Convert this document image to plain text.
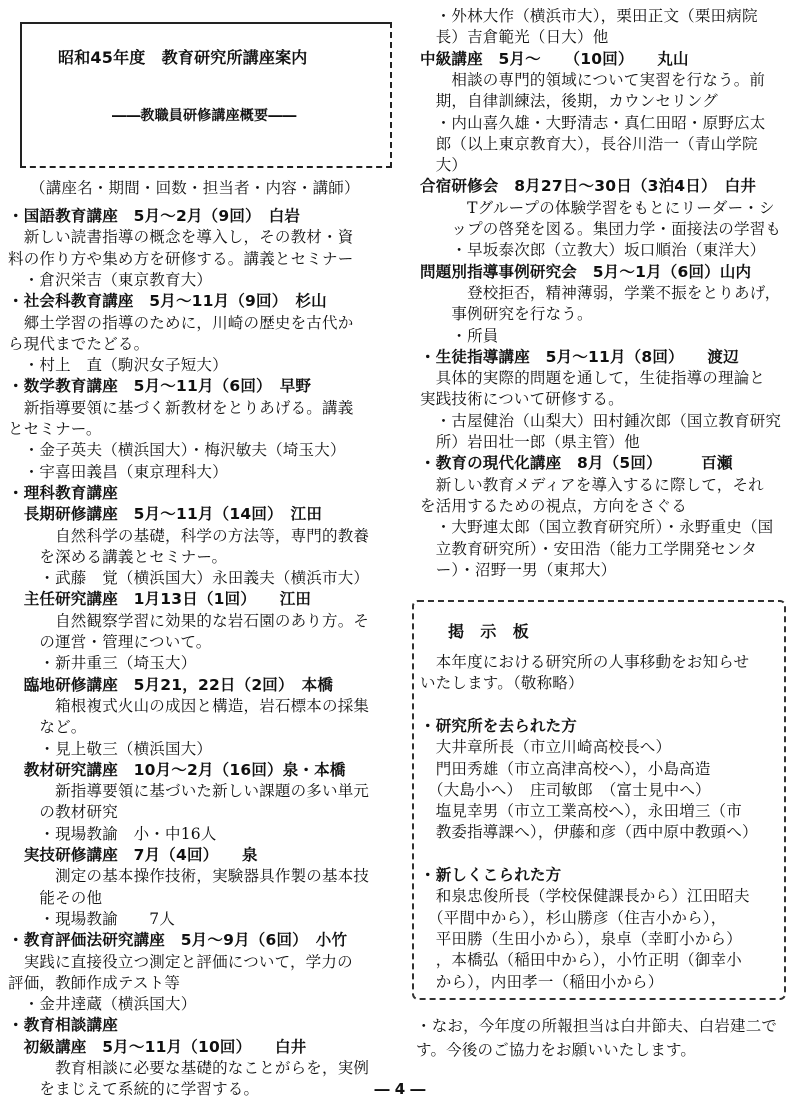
昭和45年度　教育研究所講座案内
――教職員研修講座概要――
（講座名・期間・回数・担当者・内容・講師）
・国語教育講座　5月～2月（9回）　白岩
　新しい読書指導の概念を導入し，その教材・資
料の作り方や集め方を研修する。講義とセミナー
　・倉沢栄吉（東京教育大）
・社会科教育講座　5月～11月（9回）　杉山
　郷土学習の指導のために，川崎の歴史を古代か
ら現代までたどる。
　・村上　直（駒沢女子短大）
・数学教育講座　5月～11月（6回）　早野
　新指導要領に基づく新教材をとりあげる。講義
とセミナー。
　・金子英夫（横浜国大）・梅沢敏夫（埼玉大）
　・宇喜田義昌（東京理科大）
・理科教育講座
　長期研修講座　5月～11月（14回）　江田
　　　自然科学の基礎，科学の方法等，専門的教養
　　を深める講義とセミナー。
　　・武藤　覚（横浜国大）永田義夫（横浜市大）
　主任研究講座　1月13日（1回）　　江田
　　　自然観察学習に効果的な岩石園のあり方。そ
　　の運営・管理について。
　　・新井重三（埼玉大）
　臨地研修講座　5月21，22日（2回）　本橋
　　　箱根複式火山の成因と構造，岩石標本の採集
　　など。
　　・見上敬三（横浜国大）
　教材研究講座　10月～2月（16回）泉・本橋
　　　新指導要領に基づいた新しい課題の多い単元
　　の教材研究
　　・現場教諭　小・中16人
　実技研修講座　7月（4回）　　泉
　　　測定の基本操作技術，実験器具作製の基本技
　　能その他
　　・現場教諭　　7人
・教育評価法研究講座　5月～9月（6回）　小竹
　実践に直接役立つ測定と評価について，学力の
評価，教師作成テスト等
　・金井達蔵（横浜国大）
・教育相談講座
　初級講座　5月～11月（10回）　　白井
　　　教育相談に必要な基礎的なことがらを，実例
　　をまじえて系統的に学習する。
　・外林大作（横浜市大），栗田正文（栗田病院
　長）吉倉範光（日大）他
中級講座　5月～　　（10回）　　丸山
　　相談の専門的領域について実習を行なう。前
　期，自律訓練法，後期，カウンセリング
　・内山喜久雄・大野清志・真仁田昭・原野広太
　郎（以上東京教育大），長谷川浩一（青山学院
　大）
合宿研修会　8月27日～30日（3泊4日）　白井
　　　Tグループの体験学習をもとにリーダー・シ
　　ップの啓発を図る。集団力学・面接法の学習も
　　・早坂泰次郎（立教大）坂口順治（東洋大）
問題別指導事例研究会　5月～1月（6回）山内
　　　登校拒否，精神薄弱，学業不振をとりあげ，
　　事例研究を行なう。
　　・所員
・生徒指導講座　5月～11月（8回）　　渡辺
　具体的実際的問題を通して，生徒指導の理論と
実践技術について研修する。
　・古屋健治（山梨大）田村鍾次郎（国立教育研究
　所）岩田壮一郎（県主管）他
・教育の現代化講座　8月（5回）　　　百瀬
　新しい教育メディアを導入するに際して，それ
を活用するための視点，方向をさぐる
　・大野連太郎（国立教育研究所）・永野重史（国
　立教育研究所）・安田浩（能力工学開発センタ
　ー）・沼野一男（東邦大）
掲　示　板
　本年度における研究所の人事移動をお知らせ
いたします。（敬称略）
・研究所を去られた方
　大井章所長（市立川崎高校長へ）
　門田秀雄（市立高津高校へ），小島高造
　（大島小へ）　庄司敏郎　（富士見中へ）
　塩見幸男（市立工業高校へ），永田増三（市
　教委指導課へ），伊藤和彦（西中原中教頭へ）
・新しくこられた方
　和泉忠俊所長（学校保健課長から）江田昭夫
　（平間中から），杉山勝彦（住吉小から），
　平田勝（生田小から），泉卓（幸町小から）
　，本橋弘（稲田中から），小竹正明（御幸小
　から），内田孝一（稲田小から）
・なお，今年度の所報担当は白井節夫、白岩建二で
す。今後のご協力をお願いいたします。
― 4 ―
